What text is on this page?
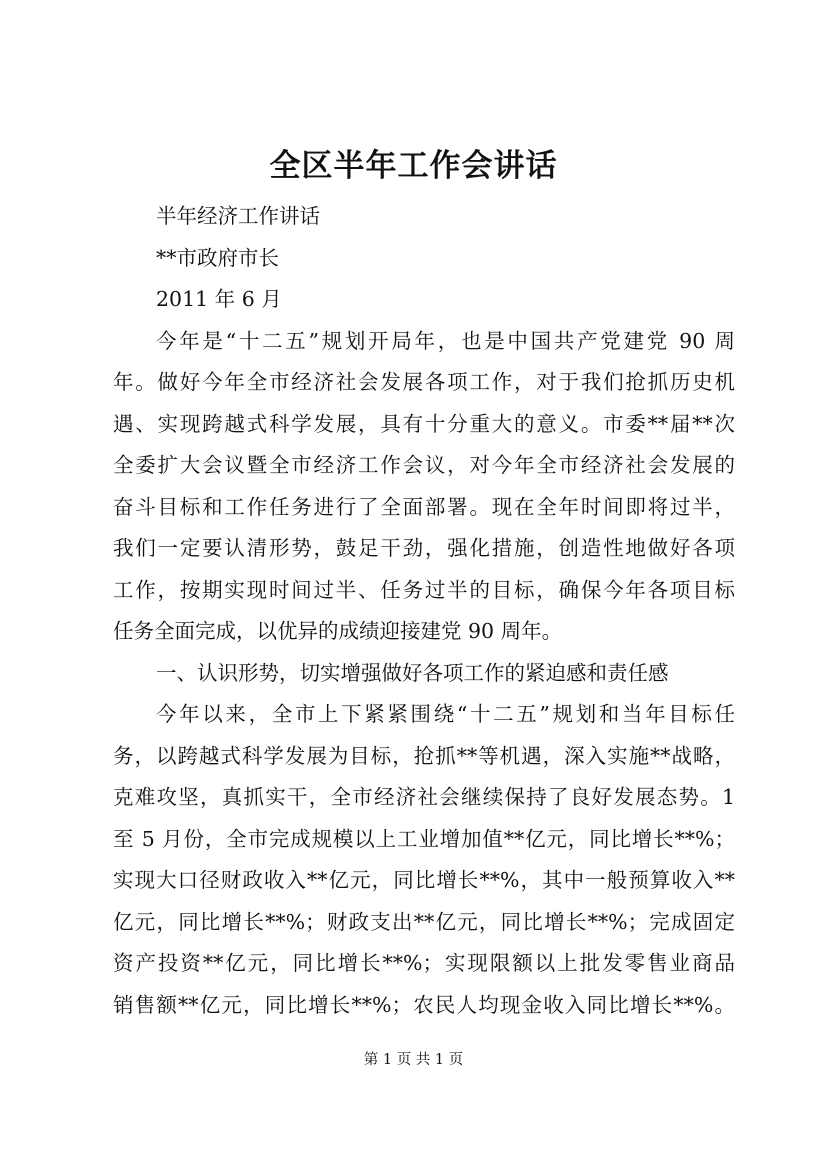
全区半年工作会讲话
半年经济工作讲话
**市政府市长
2011 年 6 月
今年是“十二五”规划开局年，也是中国共产党建党 90 周
年。做好今年全市经济社会发展各项工作，对于我们抢抓历史机
遇、实现跨越式科学发展，具有十分重大的意义。市委**届**次
全委扩大会议暨全市经济工作会议，对今年全市经济社会发展的
奋斗目标和工作任务进行了全面部署。现在全年时间即将过半，
我们一定要认清形势，鼓足干劲，强化措施，创造性地做好各项
工作，按期实现时间过半、任务过半的目标，确保今年各项目标
任务全面完成，以优异的成绩迎接建党 90 周年。
一、认识形势，切实增强做好各项工作的紧迫感和责任感
今年以来，全市上下紧紧围绕“十二五”规划和当年目标任
务，以跨越式科学发展为目标，抢抓**等机遇，深入实施**战略，
克难攻坚，真抓实干，全市经济社会继续保持了良好发展态势。1
至 5 月份，全市完成规模以上工业增加值**亿元，同比增长**%；
实现大口径财政收入**亿元，同比增长**%，其中一般预算收入**
亿元，同比增长**%；财政支出**亿元，同比增长**%；完成固定
资产投资**亿元，同比增长**%；实现限额以上批发零售业商品
销售额**亿元，同比增长**%；农民人均现金收入同比增长**%。
第 1 页 共 1 页
